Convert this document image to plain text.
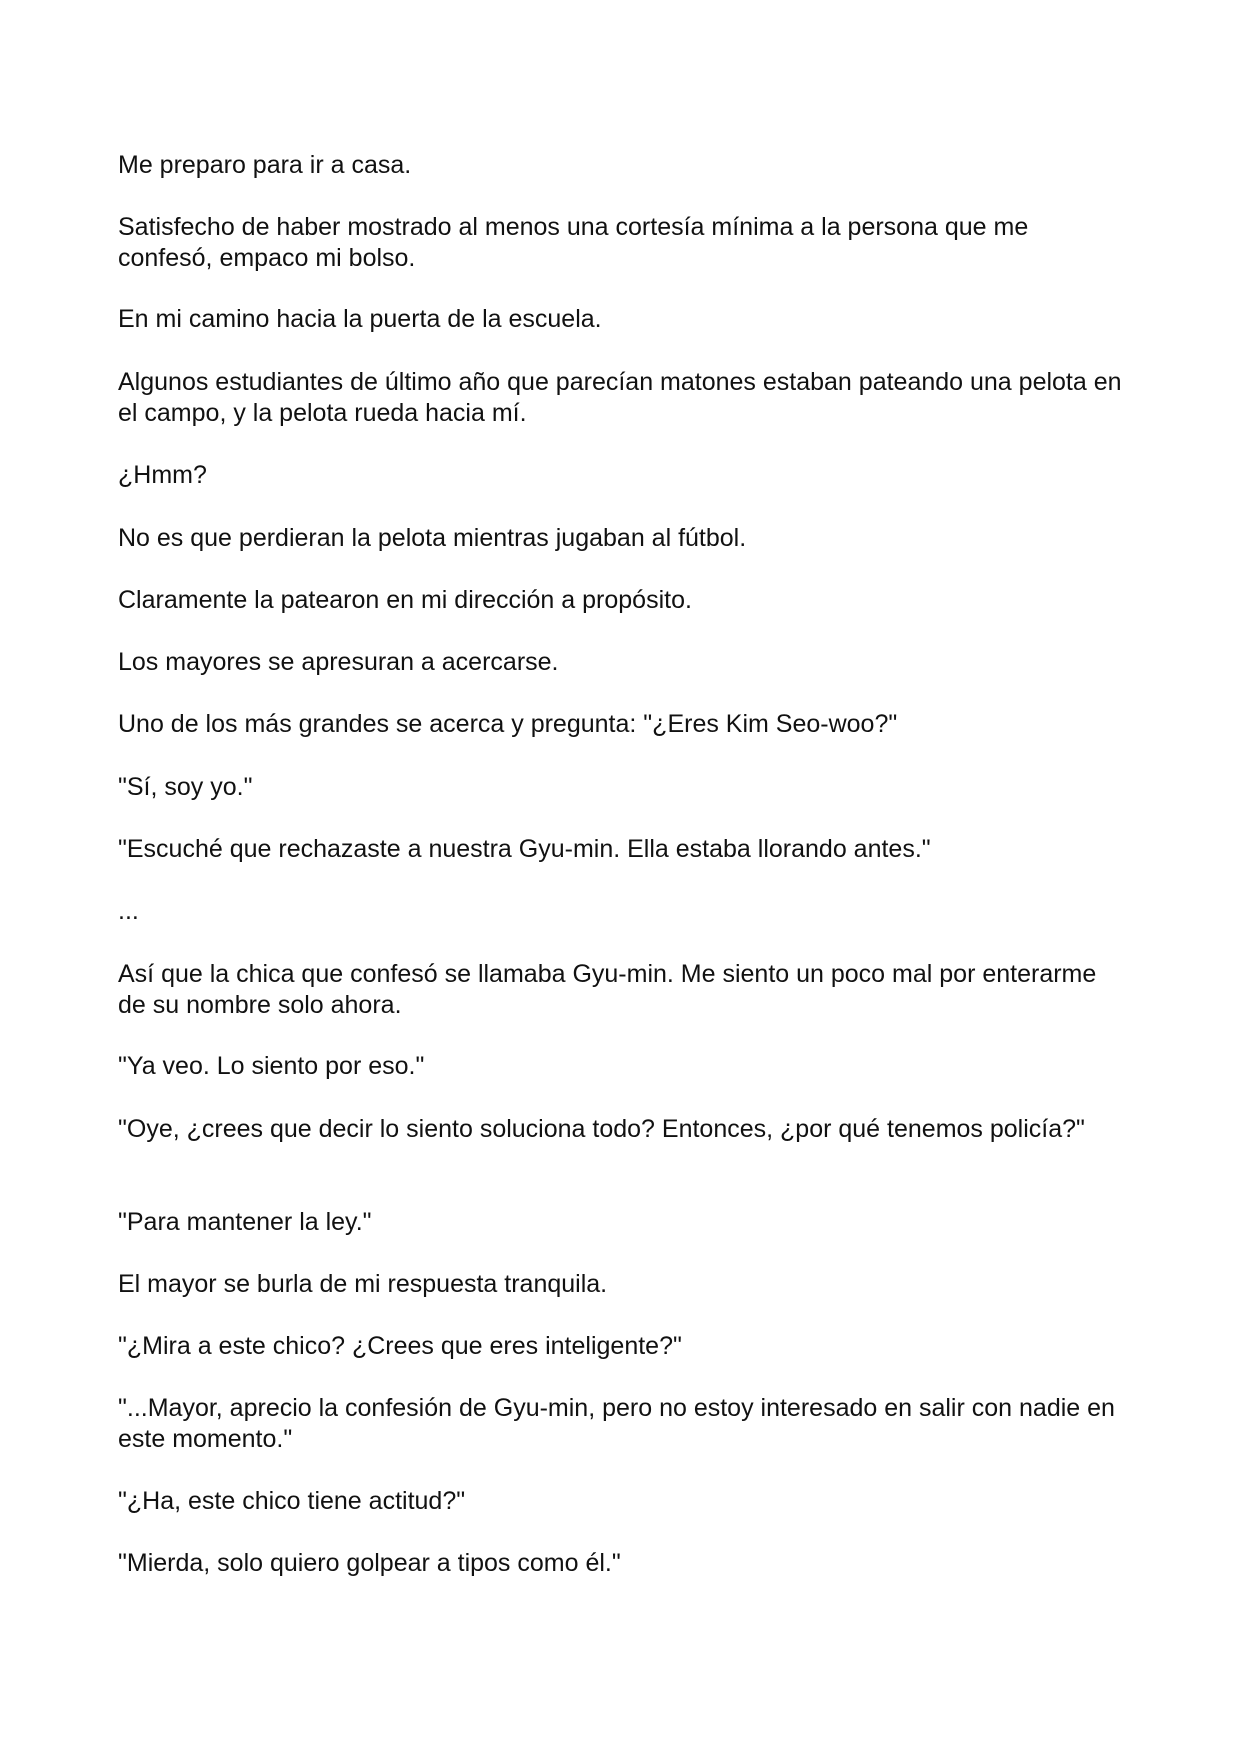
Me preparo para ir a casa.

Satisfecho de haber mostrado al menos una cortesía mínima a la persona que me confesó, empaco mi bolso.

En mi camino hacia la puerta de la escuela.

Algunos estudiantes de último año que parecían matones estaban pateando una pelota en el campo, y la pelota rueda hacia mí.

¿Hmm?

No es que perdieran la pelota mientras jugaban al fútbol.

Claramente la patearon en mi dirección a propósito.

Los mayores se apresuran a acercarse.

Uno de los más grandes se acerca y pregunta: "¿Eres Kim Seo-woo?"

"Sí, soy yo."

"Escuché que rechazaste a nuestra Gyu-min. Ella estaba llorando antes."

...

Así que la chica que confesó se llamaba Gyu-min. Me siento un poco mal por enterarme de su nombre solo ahora.

"Ya veo. Lo siento por eso."

"Oye, ¿crees que decir lo siento soluciona todo? Entonces, ¿por qué tenemos policía?"

"Para mantener la ley."

El mayor se burla de mi respuesta tranquila.

"¿Mira a este chico? ¿Crees que eres inteligente?"

"...Mayor, aprecio la confesión de Gyu-min, pero no estoy interesado en salir con nadie en este momento."

"¿Ha, este chico tiene actitud?"

"Mierda, solo quiero golpear a tipos como él."
